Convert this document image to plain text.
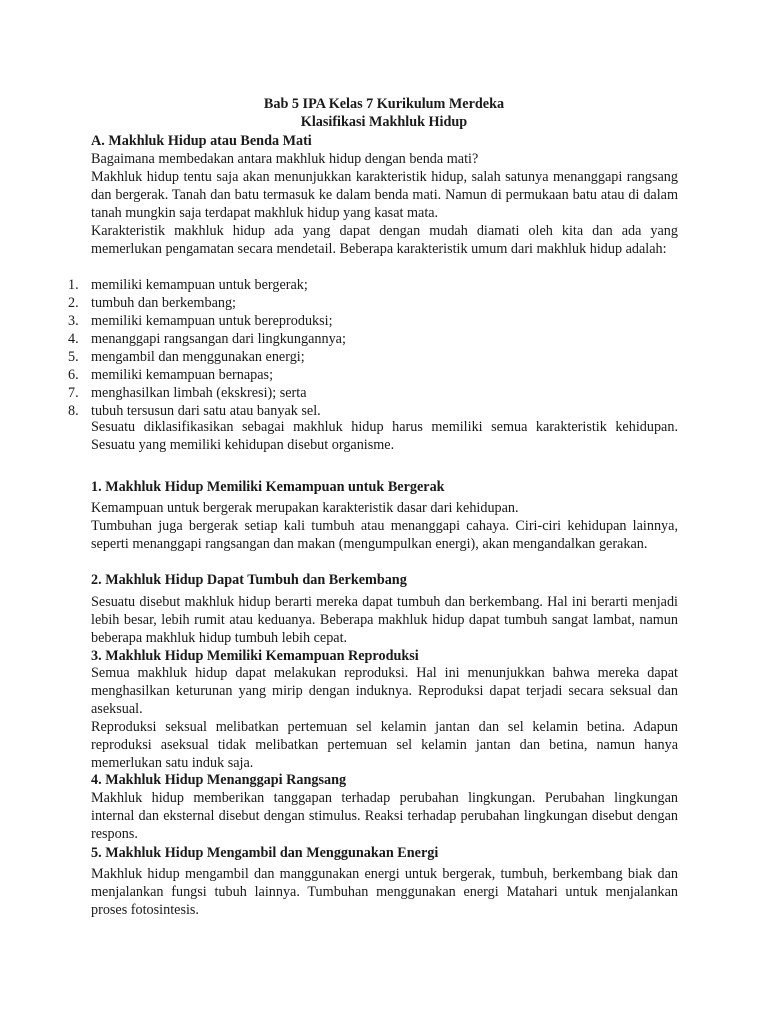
Bab 5 IPA Kelas 7 Kurikulum Merdeka
Klasifikasi Makhluk Hidup
A. Makhluk Hidup atau Benda Mati
Bagaimana membedakan antara makhluk hidup dengan benda mati?
Makhluk hidup tentu saja akan menunjukkan karakteristik hidup, salah satunya menanggapi rangsang dan bergerak. Tanah dan batu termasuk ke dalam benda mati. Namun di permukaan batu atau di dalam tanah mungkin saja terdapat makhluk hidup yang kasat mata.
Karakteristik makhluk hidup ada yang dapat dengan mudah diamati oleh kita dan ada yang memerlukan pengamatan secara mendetail. Beberapa karakteristik umum dari makhluk hidup adalah:
1. memiliki kemampuan untuk bergerak;
2. tumbuh dan berkembang;
3. memiliki kemampuan untuk bereproduksi;
4. menanggapi rangsangan dari lingkungannya;
5. mengambil dan menggunakan energi;
6. memiliki kemampuan bernapas;
7. menghasilkan limbah (ekskresi); serta
8. tubuh tersusun dari satu atau banyak sel.
Sesuatu diklasifikasikan sebagai makhluk hidup harus memiliki semua karakteristik kehidupan. Sesuatu yang memiliki kehidupan disebut organisme.
1. Makhluk Hidup Memiliki Kemampuan untuk Bergerak
Kemampuan untuk bergerak merupakan karakteristik dasar dari kehidupan.
Tumbuhan juga bergerak setiap kali tumbuh atau menanggapi cahaya. Ciri-ciri kehidupan lainnya, seperti menanggapi rangsangan dan makan (mengumpulkan energi), akan mengandalkan gerakan.
2. Makhluk Hidup Dapat Tumbuh dan Berkembang
Sesuatu disebut makhluk hidup berarti mereka dapat tumbuh dan berkembang. Hal ini berarti menjadi lebih besar, lebih rumit atau keduanya. Beberapa makhluk hidup dapat tumbuh sangat lambat, namun beberapa makhluk hidup tumbuh lebih cepat.
3. Makhluk Hidup Memiliki Kemampuan Reproduksi
Semua makhluk hidup dapat melakukan reproduksi. Hal ini menunjukkan bahwa mereka dapat menghasilkan keturunan yang mirip dengan induknya. Reproduksi dapat terjadi secara seksual dan aseksual.
Reproduksi seksual melibatkan pertemuan sel kelamin jantan dan sel kelamin betina. Adapun reproduksi aseksual tidak melibatkan pertemuan sel kelamin jantan dan betina, namun hanya memerlukan satu induk saja.
4. Makhluk Hidup Menanggapi Rangsang
Makhluk hidup memberikan tanggapan terhadap perubahan lingkungan. Perubahan lingkungan internal dan eksternal disebut dengan stimulus. Reaksi terhadap perubahan lingkungan disebut dengan respons.
5. Makhluk Hidup Mengambil dan Menggunakan Energi
Makhluk hidup mengambil dan manggunakan energi untuk bergerak, tumbuh, berkembang biak dan menjalankan fungsi tubuh lainnya. Tumbuhan menggunakan energi Matahari untuk menjalankan proses fotosintesis.
